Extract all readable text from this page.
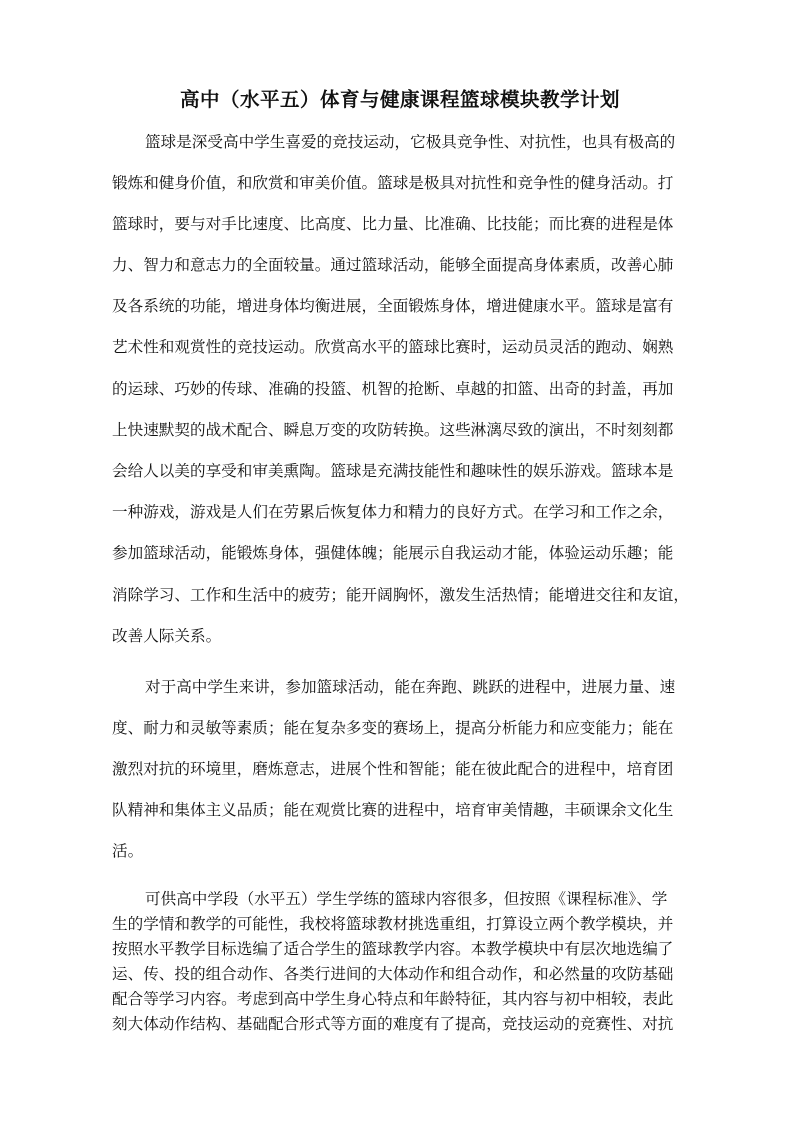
高中（水平五）体育与健康课程篮球模块教学计划
篮球是深受高中学生喜爱的竞技运动，它极具竞争性、对抗性，也具有极高的
锻炼和健身价值，和欣赏和审美价值。篮球是极具对抗性和竞争性的健身活动。打
篮球时，要与对手比速度、比高度、比力量、比准确、比技能；而比赛的进程是体
力、智力和意志力的全面较量。通过篮球活动，能够全面提高身体素质，改善心肺
及各系统的功能，增进身体均衡进展，全面锻炼身体，增进健康水平。篮球是富有
艺术性和观赏性的竞技运动。欣赏高水平的篮球比赛时，运动员灵活的跑动、娴熟
的运球、巧妙的传球、准确的投篮、机智的抢断、卓越的扣篮、出奇的封盖，再加
上快速默契的战术配合、瞬息万变的攻防转换。这些淋漓尽致的演出，不时刻刻都
会给人以美的享受和审美熏陶。篮球是充满技能性和趣味性的娱乐游戏。篮球本是
一种游戏，游戏是人们在劳累后恢复体力和精力的良好方式。在学习和工作之余，
参加篮球活动，能锻炼身体，强健体魄；能展示自我运动才能，体验运动乐趣；能
消除学习、工作和生活中的疲劳；能开阔胸怀，激发生活热情；能增进交往和友谊，
改善人际关系。
对于高中学生来讲，参加篮球活动，能在奔跑、跳跃的进程中，进展力量、速
度、耐力和灵敏等素质；能在复杂多变的赛场上，提高分析能力和应变能力；能在
激烈对抗的环境里，磨炼意志，进展个性和智能；能在彼此配合的进程中，培育团
队精神和集体主义品质；能在观赏比赛的进程中，培育审美情趣，丰硕课余文化生
活。
可供高中学段（水平五）学生学练的篮球内容很多，但按照《课程标准》、学
生的学情和教学的可能性，我校将篮球教材挑选重组，打算设立两个教学模块，并
按照水平教学目标选编了适合学生的篮球教学内容。本教学模块中有层次地选编了
运、传、投的组合动作、各类行进间的大体动作和组合动作，和必然量的攻防基础
配合等学习内容。考虑到高中学生身心特点和年龄特征，其内容与初中相较，表此
刻大体动作结构、基础配合形式等方面的难度有了提高，竞技运动的竞赛性、对抗
